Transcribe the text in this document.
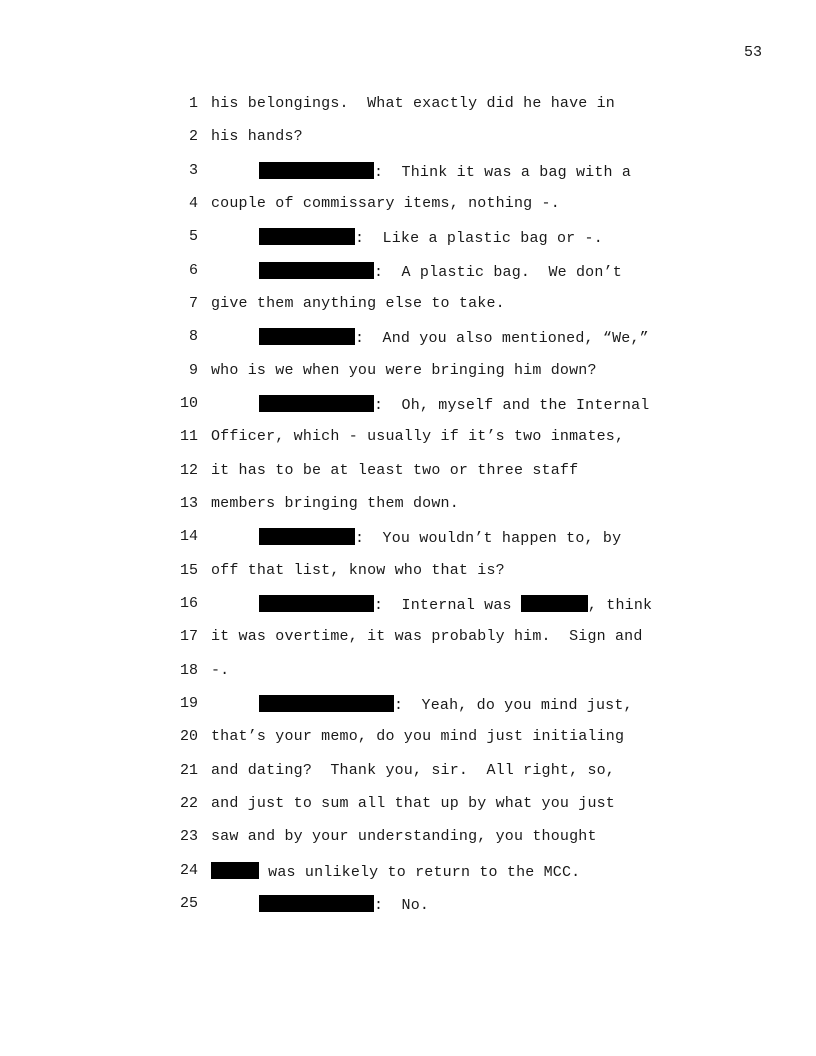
53
1 his belongings.  What exactly did he have in
2 his hands?
3	:  Think it was a bag with a
4 couple of commissary items, nothing -.
5	:  Like a plastic bag or -.
6	:  A plastic bag.  We don’t
7 give them anything else to take.
8	:  And you also mentioned, “We,”
9 who is we when you were bringing him down?
10	:  Oh, myself and the Internal
11 Officer, which - usually if it’s two inmates,
12 it has to be at least two or three staff
13 members bringing them down.
14	:  You wouldn’t happen to, by
15 off that list, know who that is?
16	:  Internal was	, think
17 it was overtime, it was probably him.  Sign and
18 -.
19	:  Yeah, do you mind just,
20 that’s your memo, do you mind just initialing
21 and dating?  Thank you, sir.  All right, so,
22 and just to sum all that up by what you just
23 saw and by your understanding, you thought
24	was unlikely to return to the MCC.
25	:  No.
